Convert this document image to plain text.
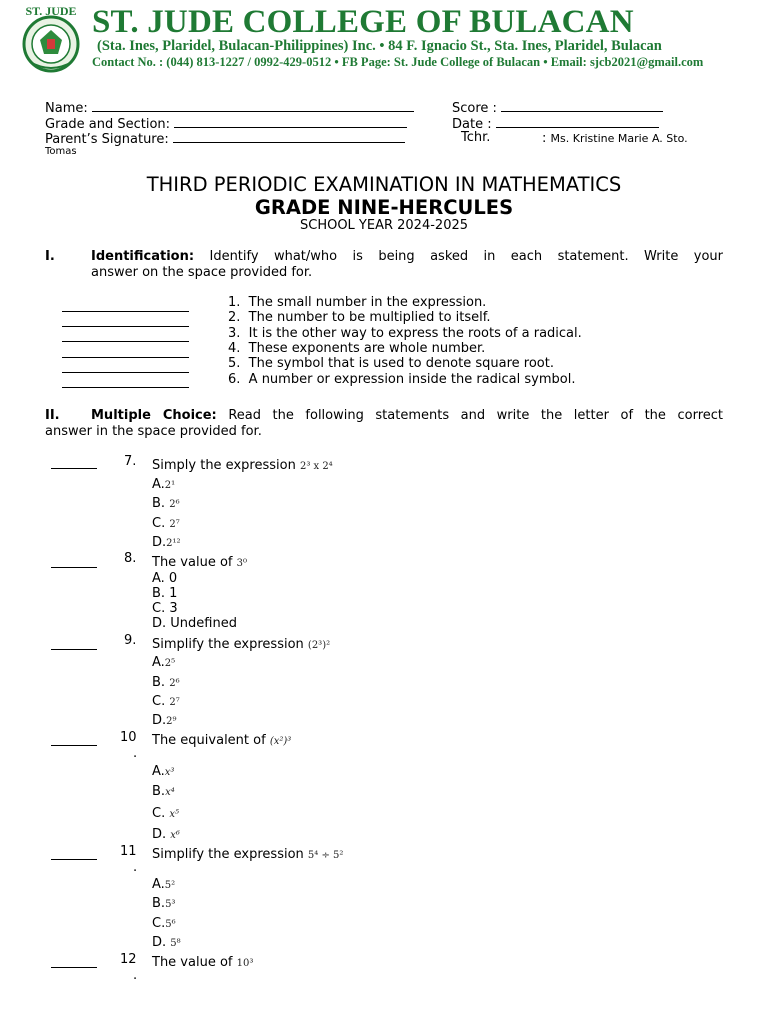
ST. JUDE ST. JUDE COLLEGE OF BULACAN
(Sta. Ines, Plaridel, Bulacan-Philippines) Inc. • 84 F. Ignacio St., Sta. Ines, Plaridel, Bulacan
Contact No. : (044) 813-1227 / 0992-429-0512 • FB Page: St. Jude College of Bulacan • Email: sjcb2021@gmail.com
Name:	Score :
Grade and Section:	Date :
Parent’s Signature:	Tchr.	: Ms. Kristine Marie A. Sto.
Tomas
THIRD PERIODIC EXAMINATION IN MATHEMATICS
GRADE NINE-HERCULES
SCHOOL YEAR 2024-2025
I.	Identification: Identify what/who is being asked in each statement. Write your
answer on the space provided for.
1. The small number in the expression.
2. The number to be multiplied to itself.
3. It is the other way to express the roots of a radical.
4. These exponents are whole number.
5. The symbol that is used to denote square root.
6. A number or expression inside the radical symbol.
II. Multiple Choice: Read the following statements and write the letter of the correct
answer in the space provided for.
7. Simply the expression 2³ x 2⁴
A.2¹
B. 2⁶
C. 2⁷
D.2¹²
8. The value of 3⁰
A. 0
B. 1
C. 3
D. Undefined
9. Simplify the expression (2³)²
A.2⁵
B. 2⁶
C. 2⁷
D.2⁹
10
.
The equivalent of (x²)³
A.x³
B.x⁴
C. x⁵
D. x⁶
11
.
Simplify the expression 5⁴ ÷ 5²
A.5²
B.5³
C.5⁶
D. 5⁸
12
.
The value of 10³
